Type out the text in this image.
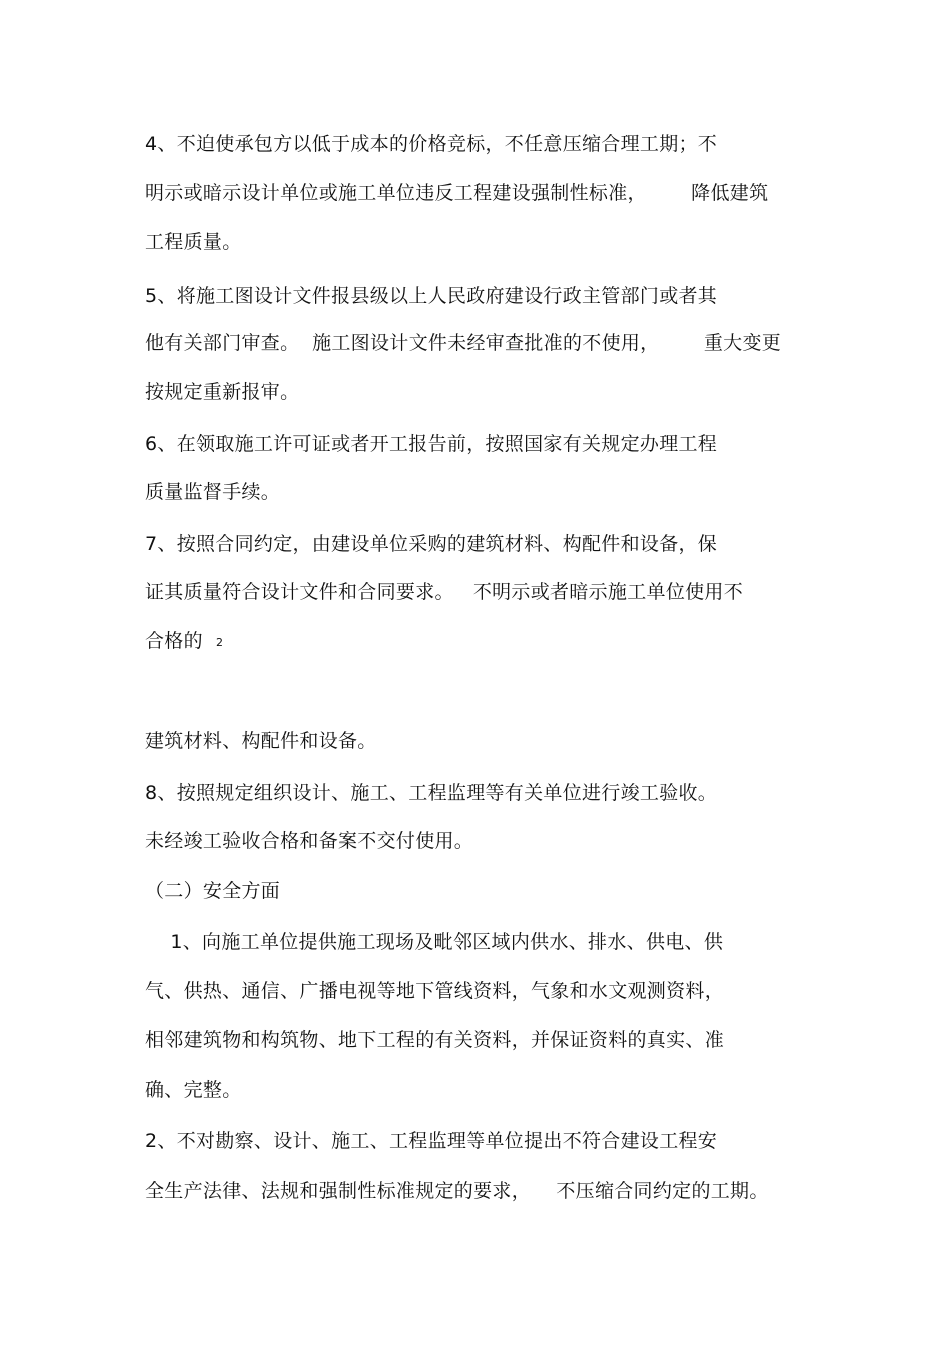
4、不迫使承包方以低于成本的价格竞标，不任意压缩合理工期；不
明示或暗示设计单位或施工单位违反工程建设强制性标准，       降低建筑
工程质量。
5、将施工图设计文件报县级以上人民政府建设行政主管部门或者其
他有关部门审查。  施工图设计文件未经审查批准的不使用，       重大变更
按规定重新报审。
6、在领取施工许可证或者开工报告前，按照国家有关规定办理工程
质量监督手续。
7、按照合同约定，由建设单位采购的建筑材料、构配件和设备，保
证其质量符合设计文件和合同要求。   不明示或者暗示施工单位使用不
合格的 2
建筑材料、构配件和设备。
8、按照规定组织设计、施工、工程监理等有关单位进行竣工验收。
未经竣工验收合格和备案不交付使用。
（二）安全方面
1、向施工单位提供施工现场及毗邻区域内供水、排水、供电、供
气、供热、通信、广播电视等地下管线资料，气象和水文观测资料，
相邻建筑物和构筑物、地下工程的有关资料，并保证资料的真实、准
确、完整。
2、不对勘察、设计、施工、工程监理等单位提出不符合建设工程安
全生产法律、法规和强制性标准规定的要求，    不压缩合同约定的工期。
